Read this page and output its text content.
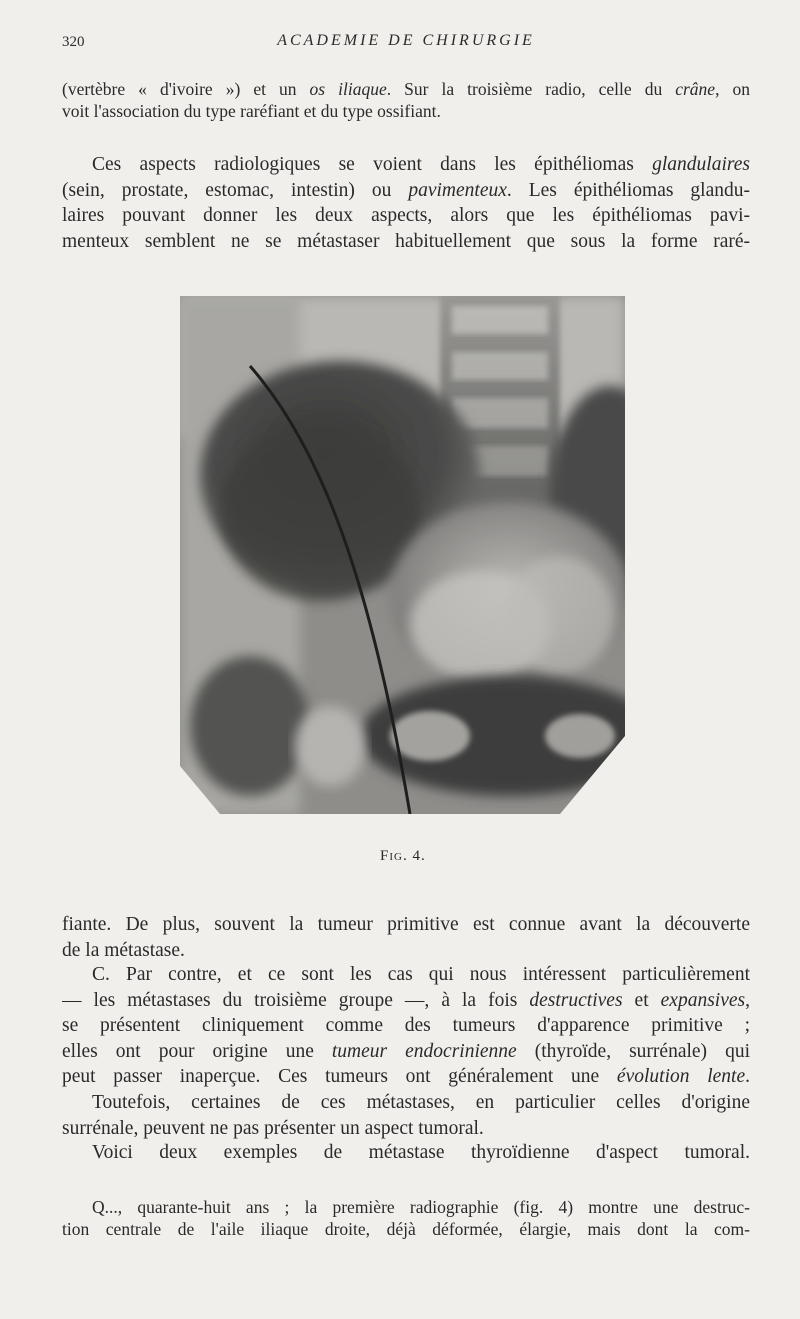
320	ACADEMIE DE CHIRURGIE
(vertèbre « d'ivoire ») et un os iliaque. Sur la troisième radio, celle du crâne, on
voit l'association du type raréfiant et du type ossifiant.
Ces aspects radiologiques se voient dans les épithéliomas glandulaires
(sein, prostate, estomac, intestin) ou pavimenteux. Les épithéliomas glandu-
laires pouvant donner les deux aspects, alors que les épithéliomas pavi-
menteux semblent ne se métastaser habituellement que sous la forme raré-
Fig. 4.
fiante. De plus, souvent la tumeur primitive est connue avant la découverte
de la métastase.
C. Par contre, et ce sont les cas qui nous intéressent particulièrement
— les métastases du troisième groupe —, à la fois destructives et expansives,
se présentent cliniquement comme des tumeurs d'apparence primitive ;
elles ont pour origine une tumeur endocrinienne (thyroïde, surrénale) qui
peut passer inaperçue. Ces tumeurs ont généralement une évolution lente.
Toutefois, certaines de ces métastases, en particulier celles d'origine
surrénale, peuvent ne pas présenter un aspect tumoral.
Voici deux exemples de métastase thyroïdienne d'aspect tumoral.
Q..., quarante-huit ans ; la première radiographie (fig. 4) montre une destruc-
tion centrale de l'aile iliaque droite, déjà déformée, élargie, mais dont la com-
